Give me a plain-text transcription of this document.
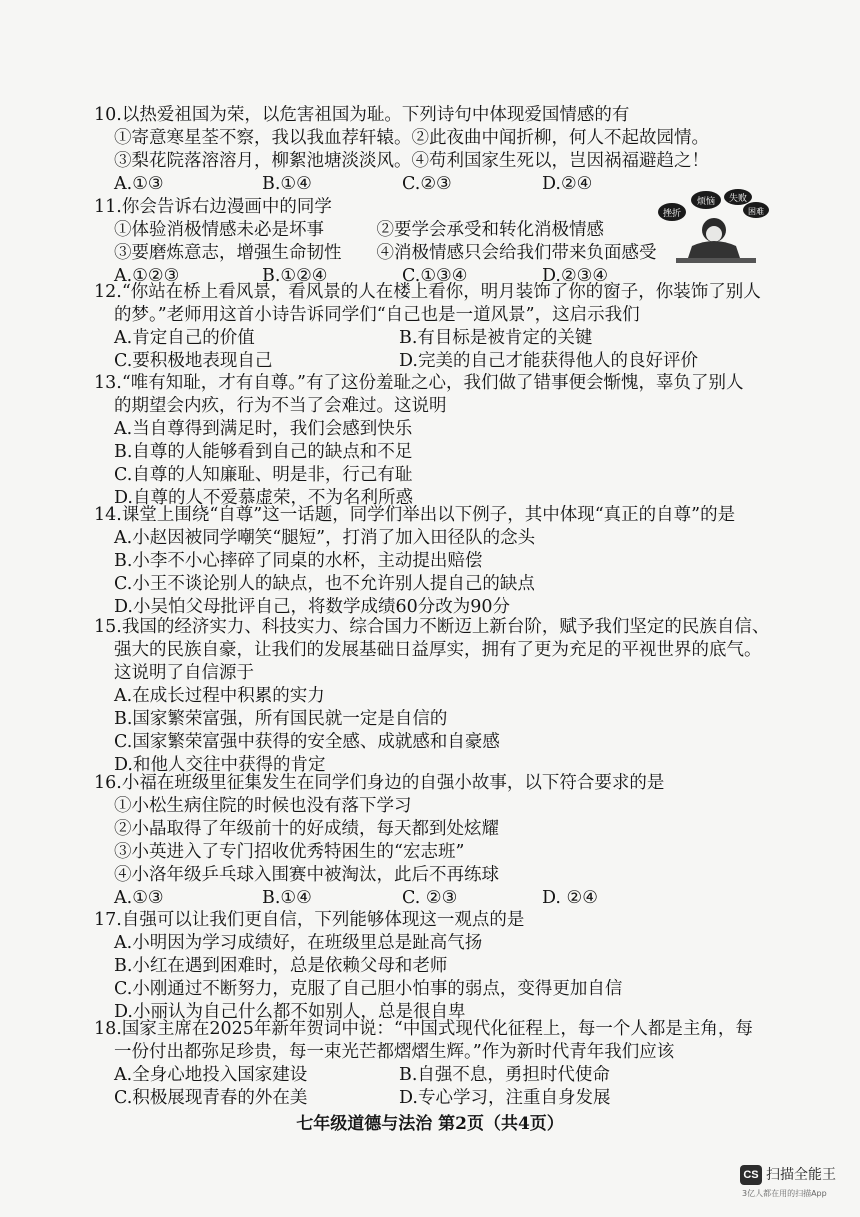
10.以热爱祖国为荣，以危害祖国为耻。下列诗句中体现爱国情感的有
①寄意寒星荃不察，我以我血荐轩辕。②此夜曲中闻折柳，何人不起故园情。
③梨花院落溶溶月，柳絮池塘淡淡风。④苟利国家生死以，岂因祸福避趋之！
A.①③	B.①④	C.②③	D.②④
11.你会告诉右边漫画中的同学
①体验消极情感未必是坏事　　　②要学会承受和转化消极情感
③要磨炼意志，增强生命韧性　　④消极情感只会给我们带来负面感受
A.①②③	B.①②④	C.①③④	D.②③④
挫折
烦恼 失败
困难
12.“你站在桥上看风景，看风景的人在楼上看你，明月装饰了你的窗子，你装饰了别人
的梦。”老师用这首小诗告诉同学们“自己也是一道风景”，这启示我们
A.肯定自己的价值	B.有目标是被肯定的关键
C.要积极地表现自己	D.完美的自己才能获得他人的良好评价
13.“唯有知耻，才有自尊。”有了这份羞耻之心，我们做了错事便会惭愧，辜负了别人
的期望会内疚，行为不当了会难过。这说明
A.当自尊得到满足时，我们会感到快乐
B.自尊的人能够看到自己的缺点和不足
C.自尊的人知廉耻、明是非，行己有耻
D.自尊的人不爱慕虚荣，不为名利所惑
14.课堂上围绕“自尊”这一话题，同学们举出以下例子，其中体现“真正的自尊”的是
A.小赵因被同学嘲笑“腿短”，打消了加入田径队的念头
B.小李不小心摔碎了同桌的水杯，主动提出赔偿
C.小王不谈论别人的缺点，也不允许别人提自己的缺点
D.小吴怕父母批评自己，将数学成绩60分改为90分
15.我国的经济实力、科技实力、综合国力不断迈上新台阶，赋予我们坚定的民族自信、
强大的民族自豪，让我们的发展基础日益厚实，拥有了更为充足的平视世界的底气。
这说明了自信源于
A.在成长过程中积累的实力
B.国家繁荣富强，所有国民就一定是自信的
C.国家繁荣富强中获得的安全感、成就感和自豪感
D.和他人交往中获得的肯定
16.小福在班级里征集发生在同学们身边的自强小故事，以下符合要求的是
①小松生病住院的时候也没有落下学习
②小晶取得了年级前十的好成绩，每天都到处炫耀
③小英进入了专门招收优秀特困生的“宏志班”
④小洛年级乒乓球入围赛中被淘汰，此后不再练球
A.①③	B.①④	C. ②③	D. ②④
17.自强可以让我们更自信，下列能够体现这一观点的是
A.小明因为学习成绩好，在班级里总是趾高气扬
B.小红在遇到困难时，总是依赖父母和老师
C.小刚通过不断努力，克服了自己胆小怕事的弱点，变得更加自信
D.小丽认为自己什么都不如别人，总是很自卑
18.国家主席在2025年新年贺词中说：“中国式现代化征程上，每一个人都是主角，每
一份付出都弥足珍贵，每一束光芒都熠熠生辉。”作为新时代青年我们应该
A.全身心地投入国家建设	B.自强不息，勇担时代使命
C.积极展现青春的外在美	D.专心学习，注重自身发展
七年级道德与法治 第2页（共4页）
CS 扫描全能王
3亿人都在用的扫描App
